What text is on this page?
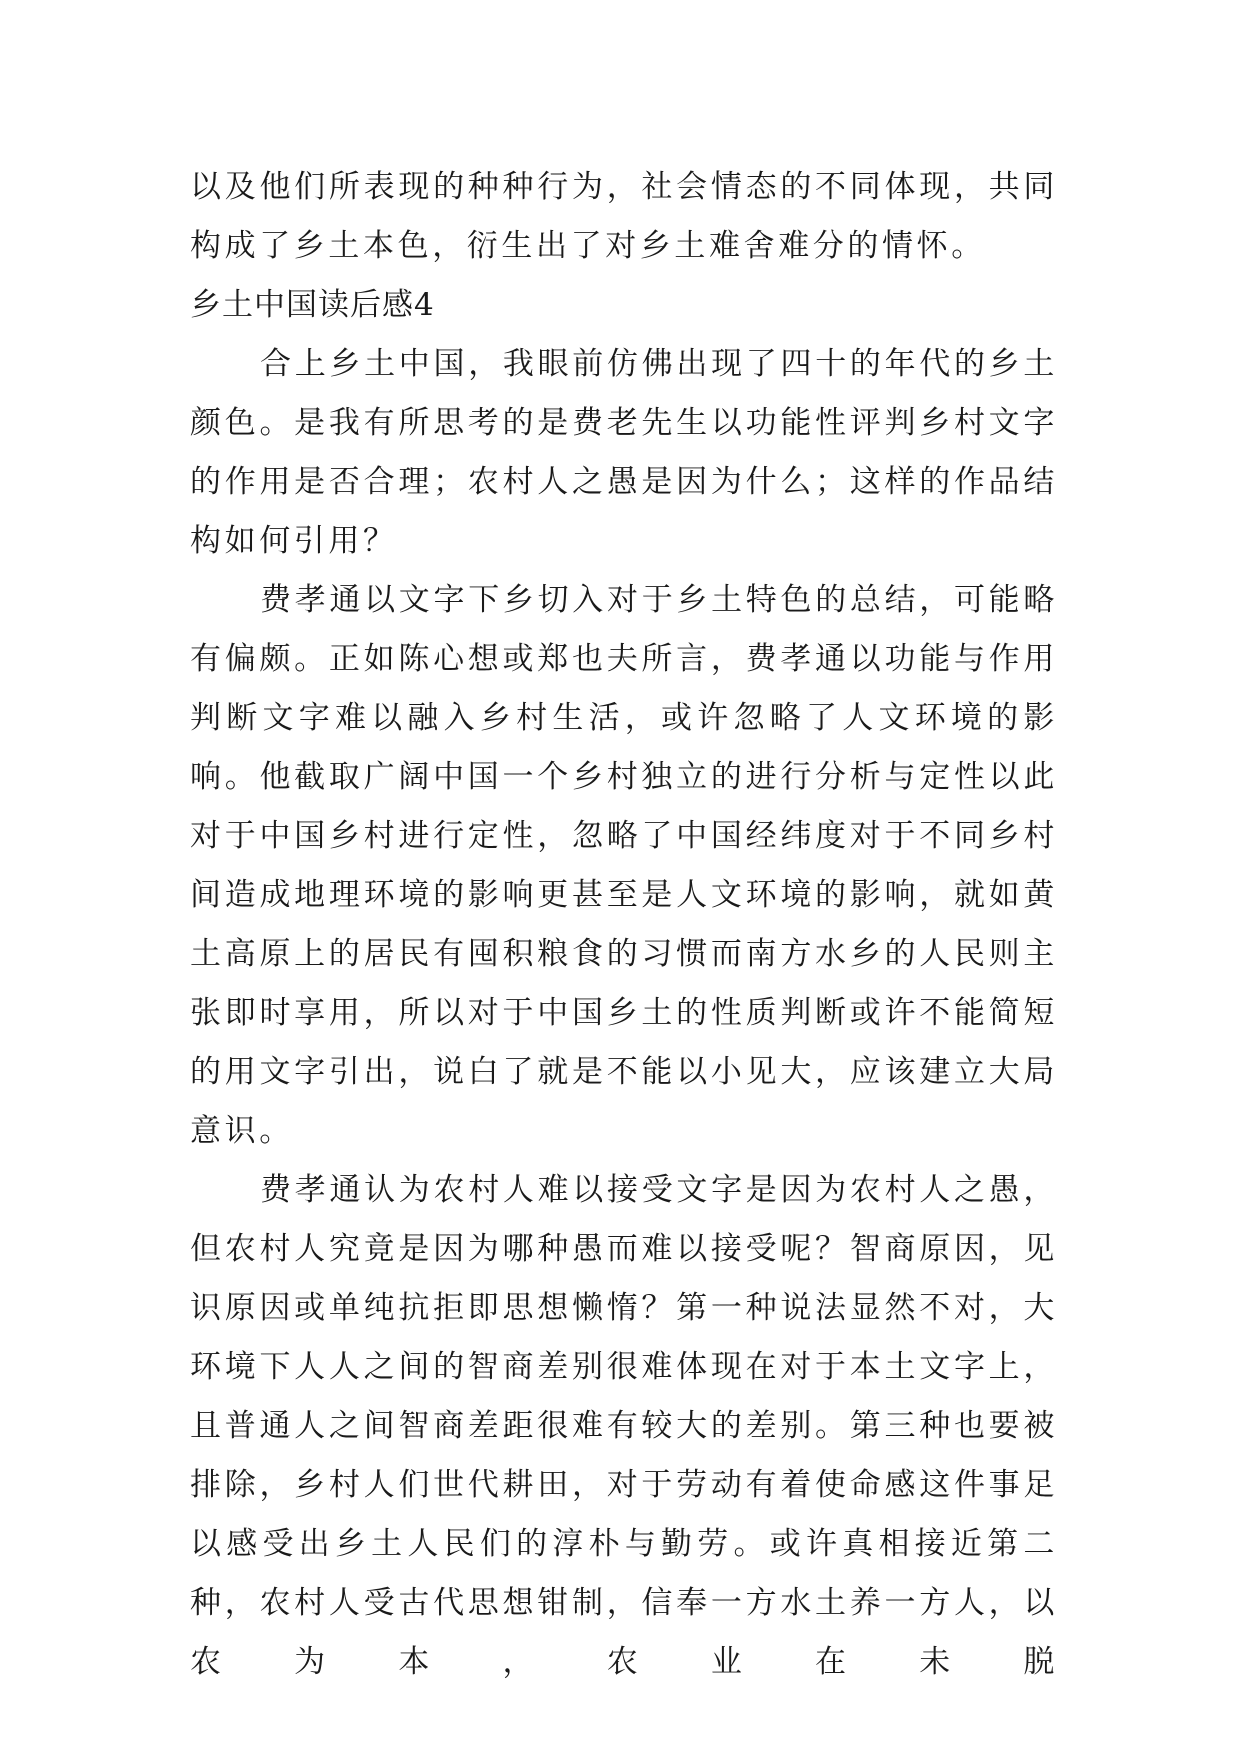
以及他们所表现的种种行为，社会情态的不同体现，共同构成了乡土本色，衍生出了对乡土难舍难分的情怀。

乡土中国读后感4

合上乡土中国，我眼前仿佛出现了四十的年代的乡土颜色。是我有所思考的是费老先生以功能性评判乡村文字的作用是否合理；农村人之愚是因为什么；这样的作品结构如何引用？

费孝通以文字下乡切入对于乡土特色的总结，可能略有偏颇。正如陈心想或郑也夫所言，费孝通以功能与作用判断文字难以融入乡村生活，或许忽略了人文环境的影响。他截取广阔中国一个乡村独立的进行分析与定性以此对于中国乡村进行定性，忽略了中国经纬度对于不同乡村间造成地理环境的影响更甚至是人文环境的影响，就如黄土高原上的居民有囤积粮食的习惯而南方水乡的人民则主张即时享用，所以对于中国乡土的性质判断或许不能简短的用文字引出，说白了就是不能以小见大，应该建立大局意识。

费孝通认为农村人难以接受文字是因为农村人之愚，但农村人究竟是因为哪种愚而难以接受呢？智商原因，见识原因或单纯抗拒即思想懒惰？第一种说法显然不对，大环境下人人之间的智商差别很难体现在对于本土文字上，且普通人之间智商差距很难有较大的差别。第三种也要被排除，乡村人们世代耕田，对于劳动有着使命感这件事足以感受出乡土人民们的淳朴与勤劳。或许真相接近第二种，农村人受古代思想钳制，信奉一方水土养一方人，以农为本，农业在未脱
